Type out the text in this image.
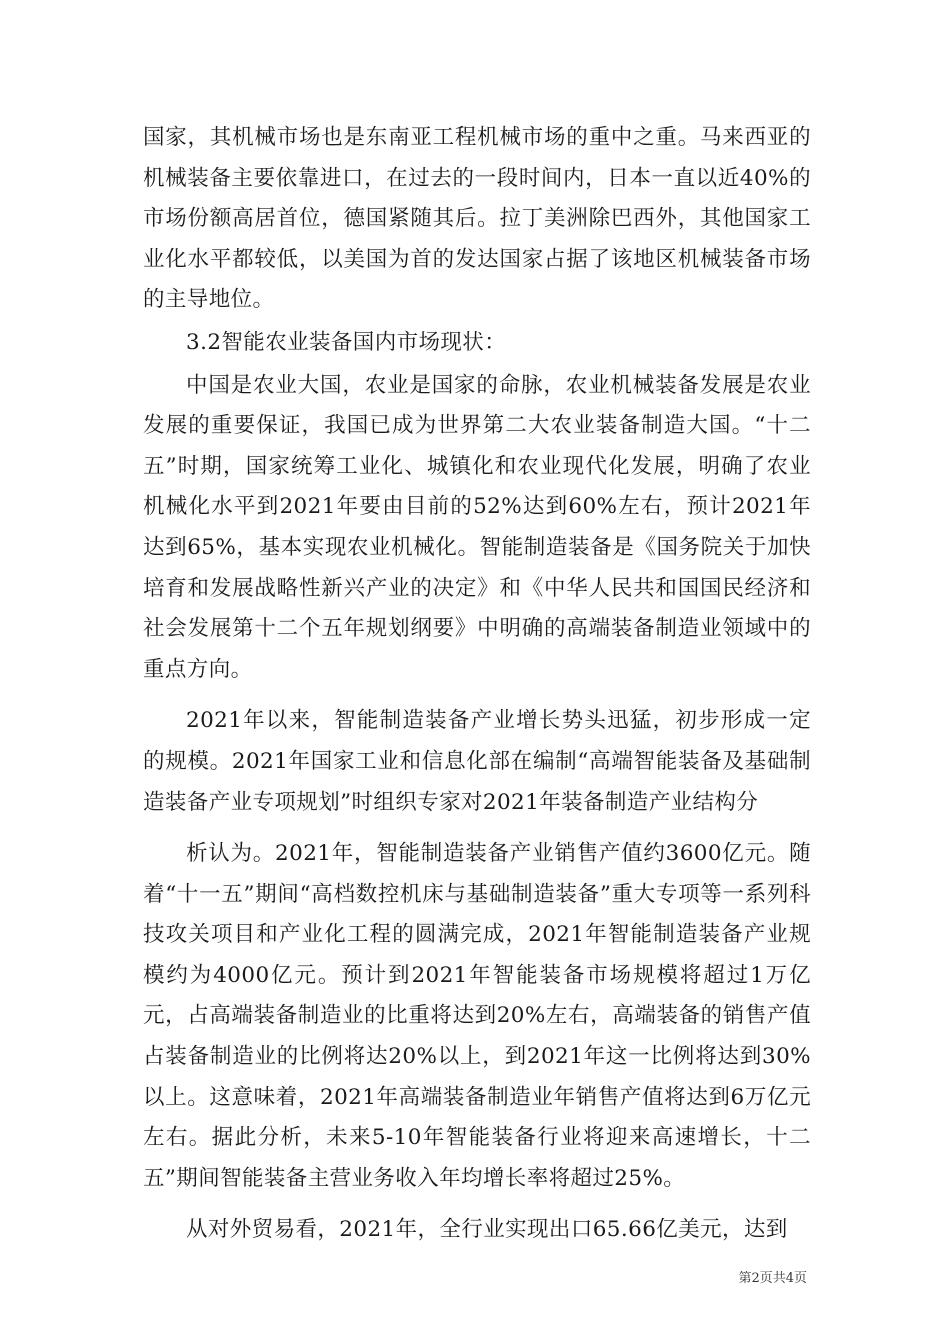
国家，其机械市场也是东南亚工程机械市场的重中之重。马来西亚的机械装备主要依靠进口，在过去的一段时间内，日本一直以近40%的市场份额高居首位，德国紧随其后。拉丁美洲除巴西外，其他国家工业化水平都较低，以美国为首的发达国家占据了该地区机械装备市场的主导地位。

3.2智能农业装备国内市场现状：

中国是农业大国，农业是国家的命脉，农业机械装备发展是农业发展的重要保证，我国已成为世界第二大农业装备制造大国。“十二五”时期，国家统筹工业化、城镇化和农业现代化发展，明确了农业机械化水平到2021年要由目前的52%达到60%左右，预计2021年达到65%，基本实现农业机械化。智能制造装备是《国务院关于加快培育和发展战略性新兴产业的决定》和《中华人民共和国国民经济和社会发展第十二个五年规划纲要》中明确的高端装备制造业领域中的重点方向。

2021年以来，智能制造装备产业增长势头迅猛，初步形成一定的规模。2021年国家工业和信息化部在编制“高端智能装备及基础制造装备产业专项规划”时组织专家对2021年装备制造产业结构分

析认为。2021年，智能制造装备产业销售产值约3600亿元。随着“十一五”期间“高档数控机床与基础制造装备”重大专项等一系列科技攻关项目和产业化工程的圆满完成，2021年智能制造装备产业规模约为4000亿元。预计到2021年智能装备市场规模将超过1万亿元，占高端装备制造业的比重将达到20%左右，高端装备的销售产值占装备制造业的比例将达20%以上，到2021年这一比例将达到30%以上。这意味着，2021年高端装备制造业年销售产值将达到6万亿元左右。据此分析，未来5-10年智能装备行业将迎来高速增长，十二五”期间智能装备主营业务收入年均增长率将超过25%。

从对外贸易看，2021年，全行业实现出口65.66亿美元，达到

第2页共4页
